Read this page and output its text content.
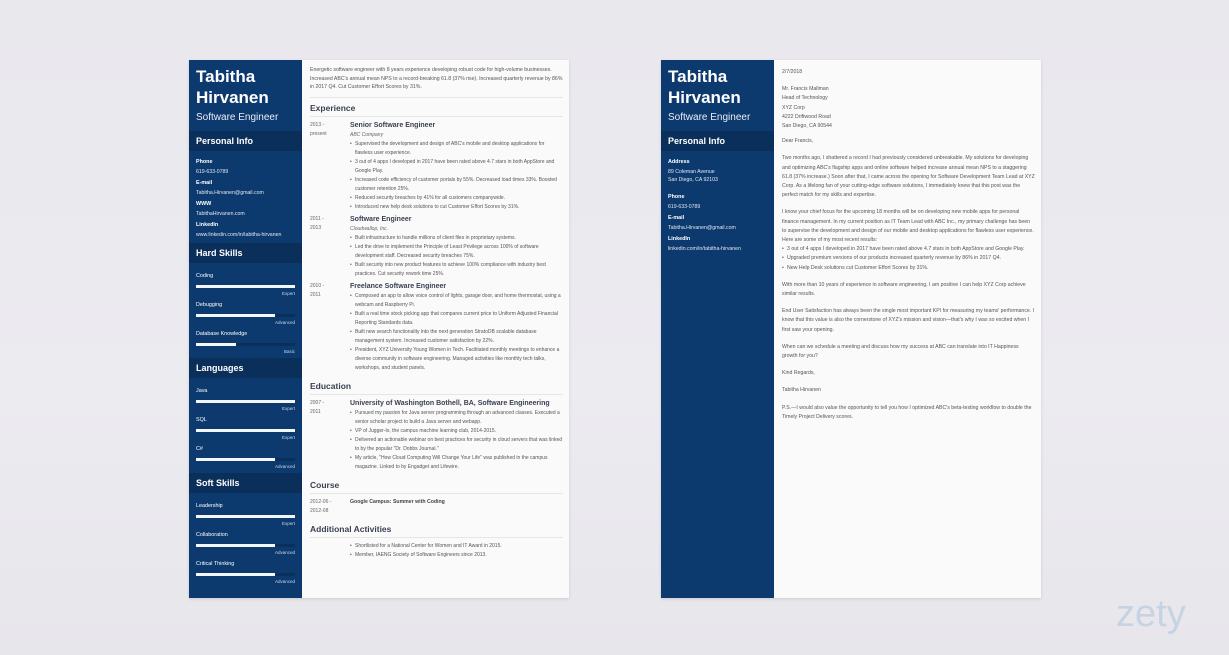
Tabitha
Hirvanen
Software Engineer
Personal Info
Phone
619-633-0789
E-mail
Tabitha.Hirvanen@gmail.com
WWW
TabithaHirvanen.com
LinkedIn
www.linkedin.com/in/tabitha-hirvanen
Hard Skills
Coding
Expert
Debugging
Advanced
Database Knowledge
Basic
Languages
Java
Expert
SQL
Expert
C#
Advanced
Soft Skills
Leadership
Expert
Collaboration
Advanced
Critical Thinking
Advanced
Energetic software engineer with 8 years experience developing robust code for high-volume businesses. Increased ABC's annual mean NPS to a record-breaking 61.8 (37% rise). Increased quarterly revenue by 86% in 2017 Q4. Cut Customer Effort Scores by 31%.
Experience
2013 -
present
Senior Software Engineer
ABC Company
• Supervised the development and design of ABC's mobile and desktop applications for flawless user experience.
• 3 out of 4 apps I developed in 2017 have been rated above 4.7 stars in both AppStore and Google Play.
• Increased code efficiency of customer portals by 55%. Decreased load times 33%. Boosted customer retention 25%.
• Reduced security breaches by 41% for all customers companywide.
• Introduced new help desk solutions to cut Customer Effort Scores by 31%.
2011 -
2013
Software Engineer
Cloudwallop, Inc.
• Built infrastructure to handle millions of client files in proprietary systems.
• Led the drive to implement the Principle of Least Privilege across 100% of software development staff. Decreased security breaches 75%.
• Built security into new product features to achieve 100% compliance with industry best practices. Cut security rework time 25%.
2010 -
2011
Freelance Software Engineer
• Composed an app to allow voice control of lights, garage door, and home thermostat, using a webcam and Raspberry Pi.
• Built a real time stock picking app that compares current price to Uniform Adjusted Financial Reporting Standards data.
• Built new search functionality into the next generation StratoDB scalable database management system. Increased customer satisfaction by 22%.
• President, XYZ University Young Women in Tech. Facilitated monthly meetings to enhance a diverse community in software engineering. Managed activities like monthly tech talks, workshops, and student panels.
Education
2007 -
2011
University of Washington Bothell, BA, Software Engineering
• Pursued my passion for Java server programming through an advanced classes. Executed a senior scholar project to build a Java server and webapp.
• VP of Jugger-lo, the campus machine learning club, 2014-2015.
• Delivered an actionable webinar on best practices for security in cloud servers that was linked to by the popular "Dr. Dobbs Journal."
• My article, "How Cloud Computing Will Change Your Life" was published in the campus magazine. Linked to by Engadget and Lifewire.
Course
2012-06 -
2012-08
Google Campus: Summer with Coding
Additional Activities
• Shortlisted for a National Center for Women and IT Award in 2015.
• Member, IAENG Society of Software Engineers since 2013.
Tabitha
Hirvanen
Software Engineer
Personal Info
Address
89 Coleman Avenue
San Diego, CA 92103
Phone
619-633-0789
E-mail
Tabitha.Hirvanen@gmail.com
LinkedIn
linkedin.com/in/tabitha-hirvanen

2/7/2018

Mr. Francis Mallman
Head of Technology
XYZ Corp
4222 Driftwood Road
San Diego, CA 90544

Dear Francis,

Two months ago, I shattered a record I had previously considered unbreakable. My solutions for developing and optimizing ABC's flagship apps and online software helped increase annual mean NPS to a staggering 61.8 (37% increase.) Soon after that, I came across the opening for Software Development Team Lead at XYZ Corp. As a lifelong fan of your cutting-edge software solutions, I immediately knew that this post was the perfect match for my skills and expertise.

I know your chief focus for the upcoming 18 months will be on developing new mobile apps for personal finance management. In my current position as IT Team Lead with ABC Inc., my primary challenge has been to supervise the development and design of our mobile and desktop applications for flawless user experience. Here are some of my most recent results:

• 3 out of 4 apps I developed in 2017 have been rated above 4.7 stars in both AppStore and Google Play.
• Upgraded premium versions of our products increased quarterly revenue by 86% in 2017 Q4.
• New Help Desk solutions cut Customer Effort Scores by 31%.

With more than 10 years of experience in software engineering, I am positive I can help XYZ Corp achieve similar results.

End User Satisfaction has always been the single most important KPI for measuring my teams' performance. I know that this value is also the cornerstone of XYZ's mission and vision—that's why I was so excited when I first saw your opening.

When can we schedule a meeting and discuss how my success at ABC can translate into IT Happiness growth for you?

Kind Regards,

Tabitha Hirvanen

P.S.—I would also value the opportunity to tell you how I optimized ABC's beta-testing workflow to double the Timely Project Delivery scores.

zety
